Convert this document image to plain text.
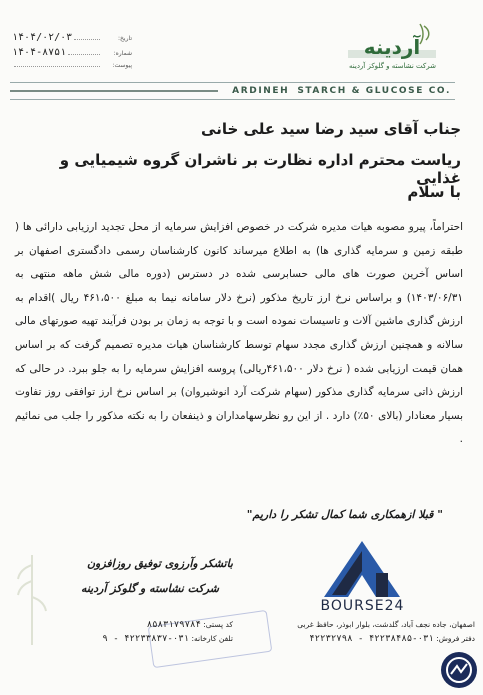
تاریخ:
۱۴۰۴/۰۲/۰۳
شماره:
۱۴۰۴-۸۷۵۱
پیوست:
آردینه
شرکت نشاسته و گلوکز آردینه
ARDINEH STARCH & GLUCOSE CO.
جناب آقای سید رضا سید علی خانی
ریاست محترم اداره نظارت بر ناشران گروه شیمیایی و غذایی
با سلام
احتراماً، پیرو مصوبه هیات مدیره شرکت در خصوص افزایش سرمایه از محل تجدید ارزیابی دارائی ها ( طبقه زمین و سرمایه گذاری ها) به اطلاع میرساند کانون کارشناسان رسمی دادگستری اصفهان بر اساس آخرین صورت های مالی حسابرسی شده در دسترس (دوره مالی شش ماهه منتهی به ۱۴۰۳/۰۶/۳۱) و براساس نرخ ارز تاریخ مذکور (نرخ دلار سامانه نیما به مبلغ ۴۶۱،۵۰۰ ریال )اقدام به ارزش گذاری ماشین آلات و تاسیسات نموده است و با توجه به زمان بر بودن فرآیند تهیه صورتهای مالی سالانه و همچنین ارزش گذاری مجدد سهام توسط کارشناسان هیات مدیره تصمیم گرفت که بر اساس همان قیمت ارزیابی شده ( نرخ دلار ۴۶۱،۵۰۰ریالی) پروسه افزایش سرمایه را به جلو ببرد. در حالی که ارزش ذاتی سرمایه گذاری مذکور (سهام شرکت آرد انوشیروان) بر اساس نرخ ارز توافقی روز تفاوت بسیار معنادار (بالای ۵۰٪) دارد . از این رو نظرسهامداران و ذینفعان را به نکته مذکور را جلب می نمائیم .
" قبلا ازهمکاری شما کمال تشکر را داریم"
باتشکر وآرزوی توفیق روزافزون
شرکت نشاسته و گلوکز آردینه
BOURSE24
اصفهان، جاده نجف آباد، گلدشت، بلوار ابوذر، حافظ غربی
دفتر فروش: ۰۳۱-۴۲۲۳۸۴۸۵ - ۴۲۲۳۲۷۹۸
کد پستی: ۸۵۸۳۱۷۹۷۸۴
تلفن کارخانه: ۰۳۱-۴۲۲۳۳۸۳۷ - ۹
